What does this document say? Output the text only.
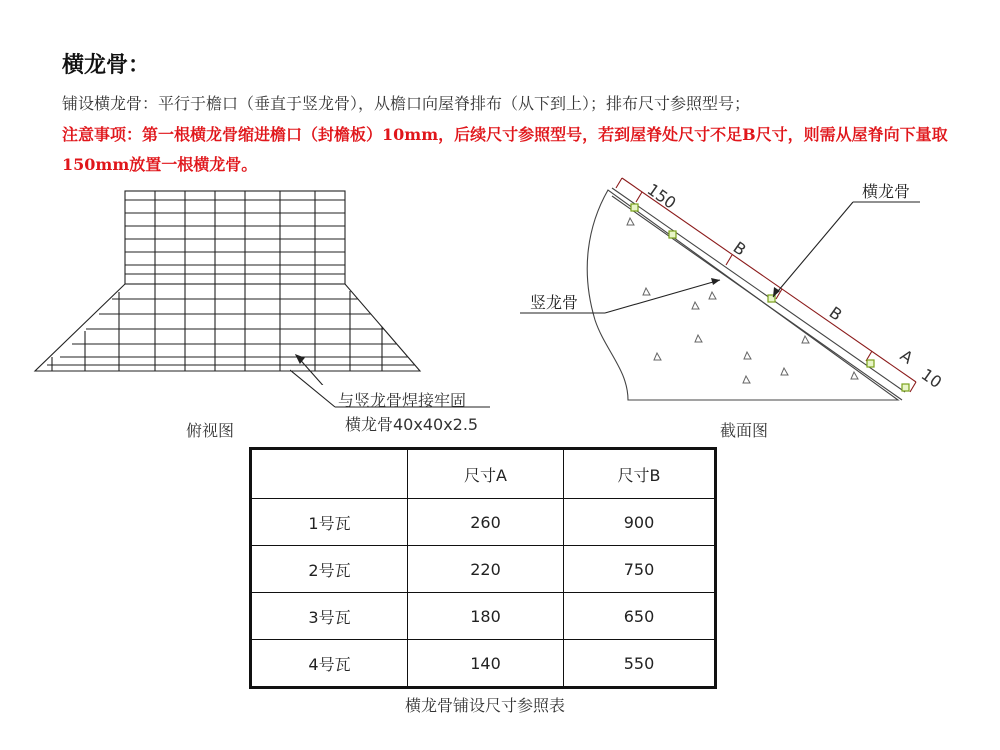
横龙骨：
铺设横龙骨：平行于檐口（垂直于竖龙骨），从檐口向屋脊排布（从下到上）；排布尺寸参照型号；
注意事项：第一根横龙骨缩进檐口（封檐板）10mm，后续尺寸参照型号，若到屋脊处尺寸不足B尺寸，则需从屋脊向下量取150mm放置一根横龙骨。
与竖龙骨焊接牢固
横龙骨40x40x2.5
俯视图
150
B
B
A
10
横龙骨
竖龙骨
截面图
	尺寸A	尺寸B
1号瓦	260	900
2号瓦	220	750
3号瓦	180	650
4号瓦	140	550
横龙骨铺设尺寸参照表
